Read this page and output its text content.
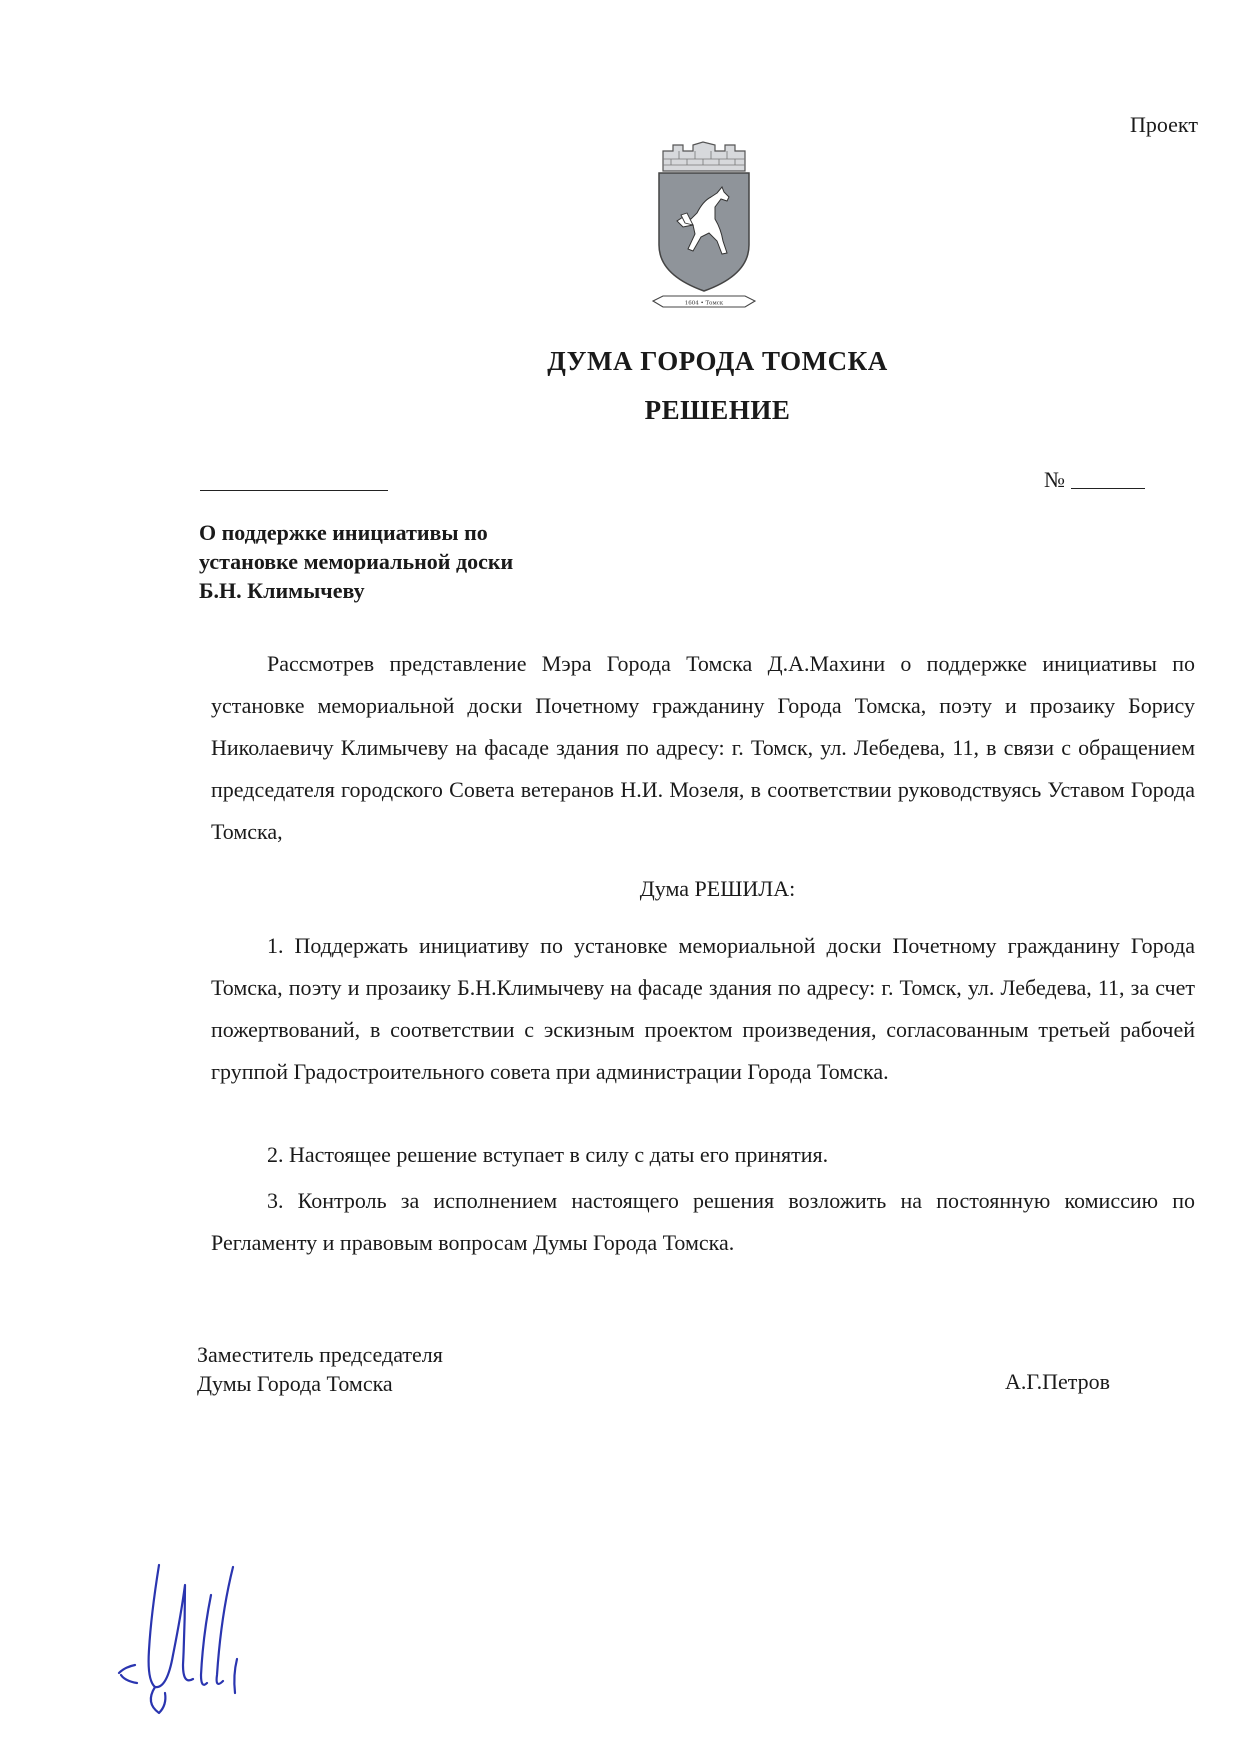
Проект
1604 • Томск
ДУМА ГОРОДА ТОМСКА
РЕШЕНИЕ
№
О поддержке инициативы по
установке мемориальной доски
Б.Н. Климычеву
Рассмотрев представление Мэра Города Томска Д.А.Махини о поддержке инициативы по установке мемориальной доски Почетному гражданину Города Томска, поэту и прозаику Борису Николаевичу Климычеву на фасаде здания по адресу: г. Томск, ул. Лебедева, 11, в связи с обращением председателя городского Совета ветеранов Н.И. Мозеля, в соответствии руководствуясь Уставом Города Томска,
Дума РЕШИЛА:
1. Поддержать инициативу по установке мемориальной доски Почетному гражданину Города Томска, поэту и прозаику Б.Н.Климычеву на фасаде здания по адресу: г. Томск, ул. Лебедева, 11, за счет пожертвований, в соответствии с эскизным проектом произведения, согласованным третьей рабочей группой Градостроительного совета при администрации Города Томска.
2. Настоящее решение вступает в силу с даты его принятия.
3. Контроль за исполнением настоящего решения возложить на постоянную комиссию по Регламенту и правовым вопросам Думы Города Томска.
Заместитель председателя
Думы Города Томска	А.Г.Петров
